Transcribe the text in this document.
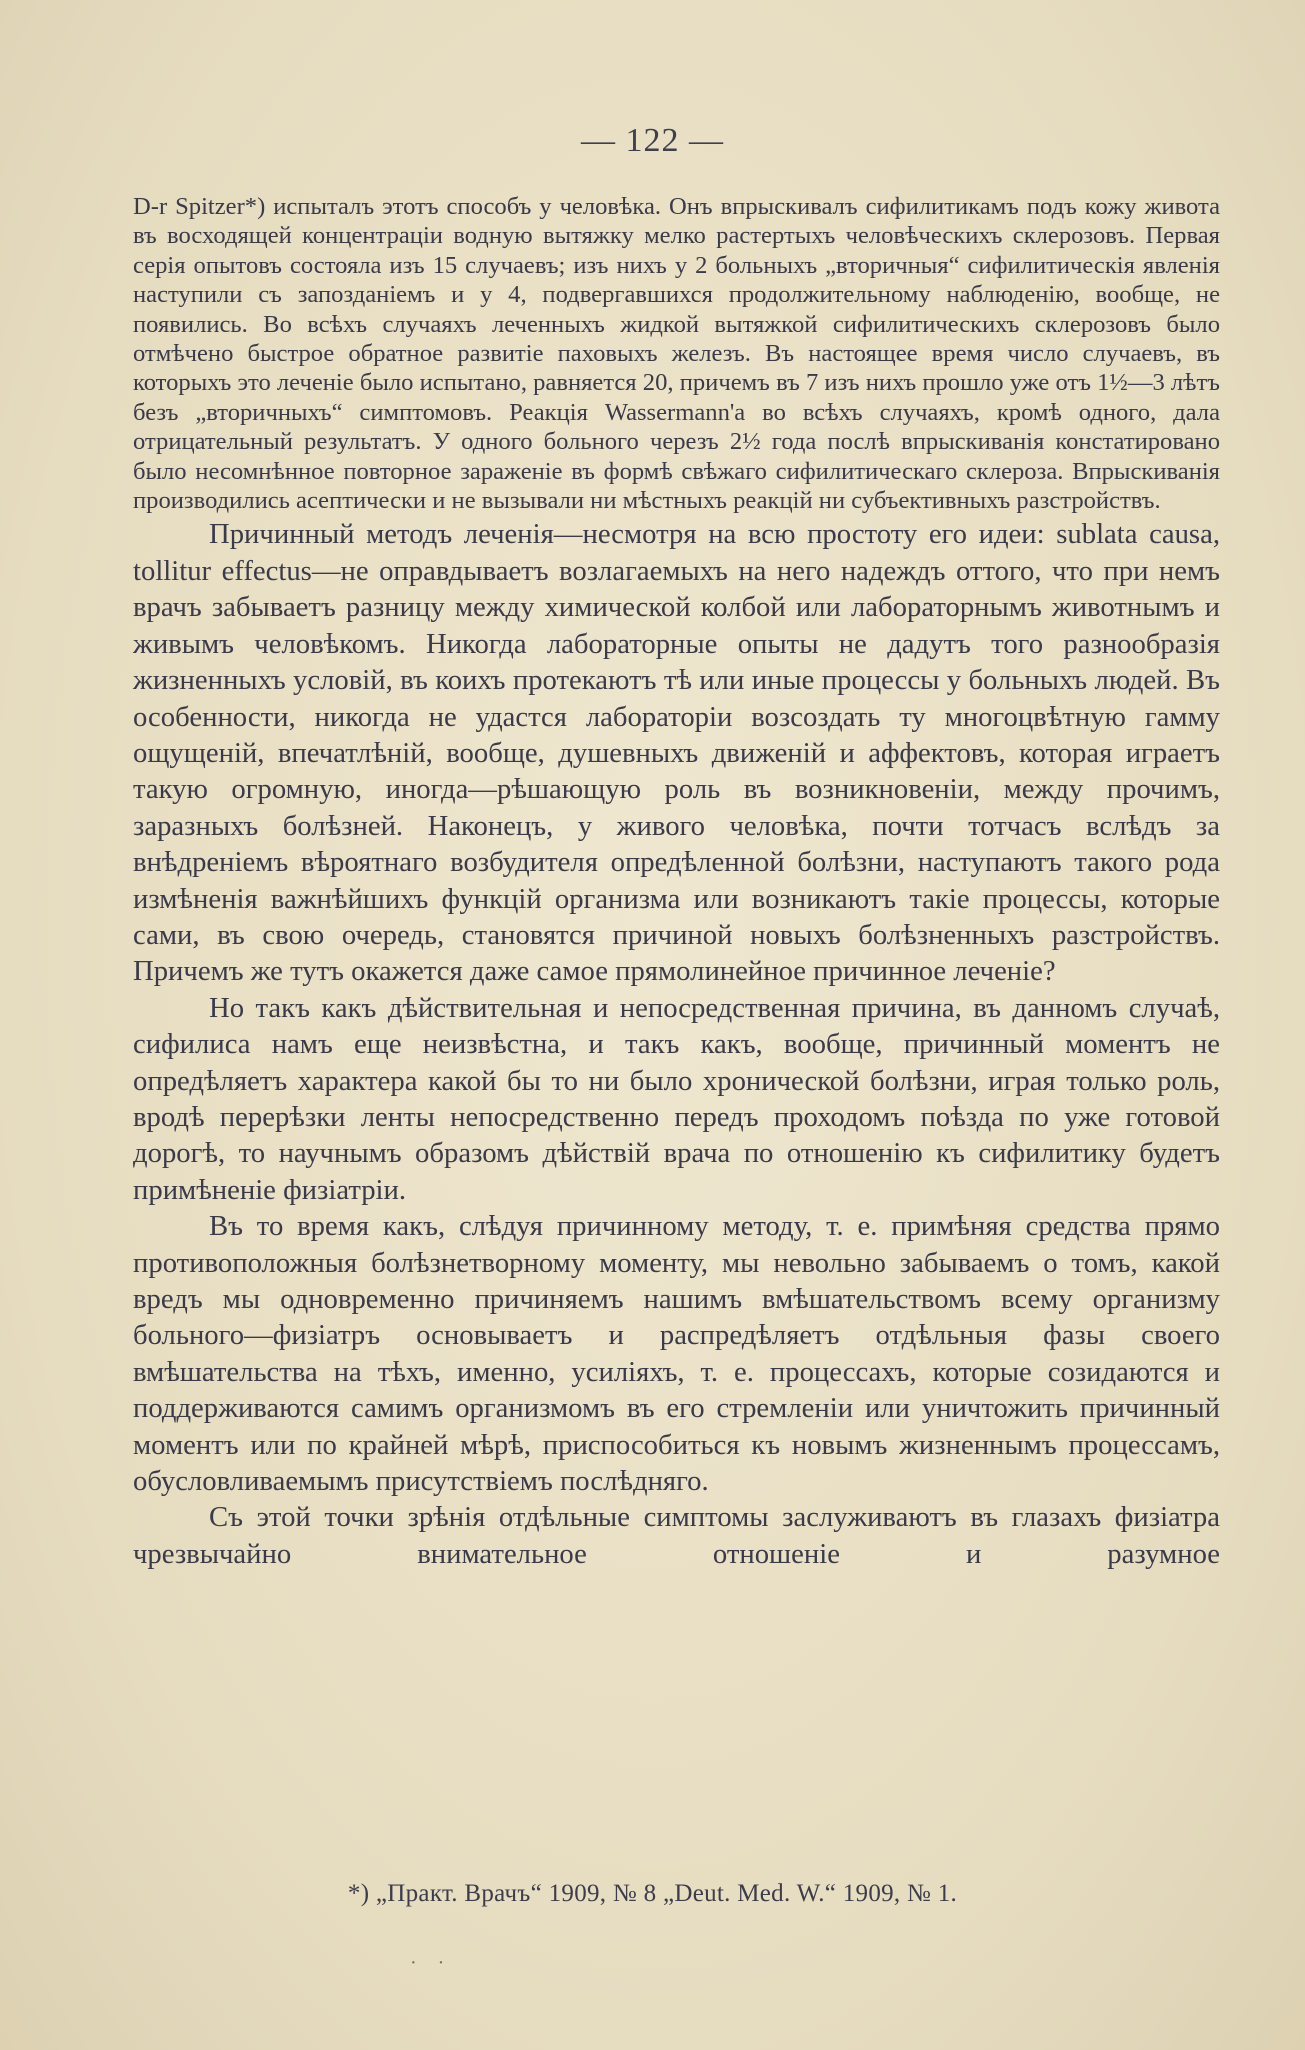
— 122 —

D-r Spitzer*) испыталъ этотъ способъ у человѣка. Онъ впрыскивалъ сифилитикамъ подъ кожу живота въ восходящей концентраціи водную вытяжку мелко растертыхъ человѣческихъ склерозовъ. Первая серія опытовъ состояла изъ 15 случаевъ; изъ нихъ у 2 больныхъ „вторичныя“ сифилитическія явленія наступили съ запозданіемъ и у 4, подвергавшихся продолжительному наблюденію, вообще, не появились. Во всѣхъ случаяхъ леченныхъ жидкой вытяжкой сифилитическихъ склерозовъ было отмѣчено быстрое обратное развитіе паховыхъ железъ. Въ настоящее время число случаевъ, въ которыхъ это леченіе было испытано, равняется 20, причемъ въ 7 изъ нихъ прошло уже отъ 1½—3 лѣтъ безъ „вторичныхъ“ симптомовъ. Реакція Wassermann'а во всѣхъ случаяхъ, кромѣ одного, дала отрицательный результатъ. У одного больного черезъ 2½ года послѣ впрыскиванія констатировано было несомнѣнное повторное зараженіе въ формѣ свѣжаго сифилитическаго склероза. Впрыскиванія производились асептически и не вызывали ни мѣстныхъ реакцій ни субъективныхъ разстройствъ.

Причинный методъ леченія—несмотря на всю простоту его идеи: sublata causa, tollitur effectus—не оправдываетъ возлагаемыхъ на него надеждъ оттого, что при немъ врачъ забываетъ разницу между химической колбой или лабораторнымъ животнымъ и живымъ человѣкомъ. Никогда лабораторные опыты не дадутъ того разнообразія жизненныхъ условій, въ коихъ протекаютъ тѣ или иные процессы у больныхъ людей. Въ особенности, никогда не удастся лабораторіи возсоздать ту многоцвѣтную гамму ощущеній, впечатлѣній, вообще, душевныхъ движеній и аффектовъ, которая играетъ такую огромную, иногда—рѣшающую роль въ возникновеніи, между прочимъ, заразныхъ болѣзней. Наконецъ, у живого человѣка, почти тотчасъ вслѣдъ за внѣдреніемъ вѣроятнаго возбудителя опредѣленной болѣзни, наступаютъ такого рода измѣненія важнѣйшихъ функцій организма или возникаютъ такіе процессы, которые сами, въ свою очередь, становятся причиной новыхъ болѣзненныхъ разстройствъ. Причемъ же тутъ окажется даже самое прямолинейное причинное леченіе?

Но такъ какъ дѣйствительная и непосредственная причина, въ данномъ случаѣ, сифилиса намъ еще неизвѣстна, и такъ какъ, вообще, причинный моментъ не опредѣляетъ характера какой бы то ни было хронической болѣзни, играя только роль, вродѣ перерѣзки ленты непосредственно передъ проходомъ поѣзда по уже готовой дорогѣ, то научнымъ образомъ дѣйствій врача по отношенію къ сифилитику будетъ примѣненіе физіатріи.

Въ то время какъ, слѣдуя причинному методу, т. е. примѣняя средства прямо противоположныя болѣзнетворному моменту, мы невольно забываемъ о томъ, какой вредъ мы одновременно причиняемъ нашимъ вмѣшательствомъ всему организму больного—физіатръ основываетъ и распредѣляетъ отдѣльныя фазы своего вмѣшательства на тѣхъ, именно, усиліяхъ, т. е. процессахъ, которые созидаются и поддерживаются самимъ организмомъ въ его стремленіи или уничтожить причинный моментъ или по крайней мѣрѣ, приспособиться къ новымъ жизненнымъ процессамъ, обусловливаемымъ присутствіемъ послѣдняго.

Съ этой точки зрѣнія отдѣльные симптомы заслуживаютъ въ глазахъ физіатра чрезвычайно внимательное отношеніе и разумное

*) „Практ. Врачъ“ 1909, № 8 „Deut. Med. W.“ 1909, № 1.
· ·
